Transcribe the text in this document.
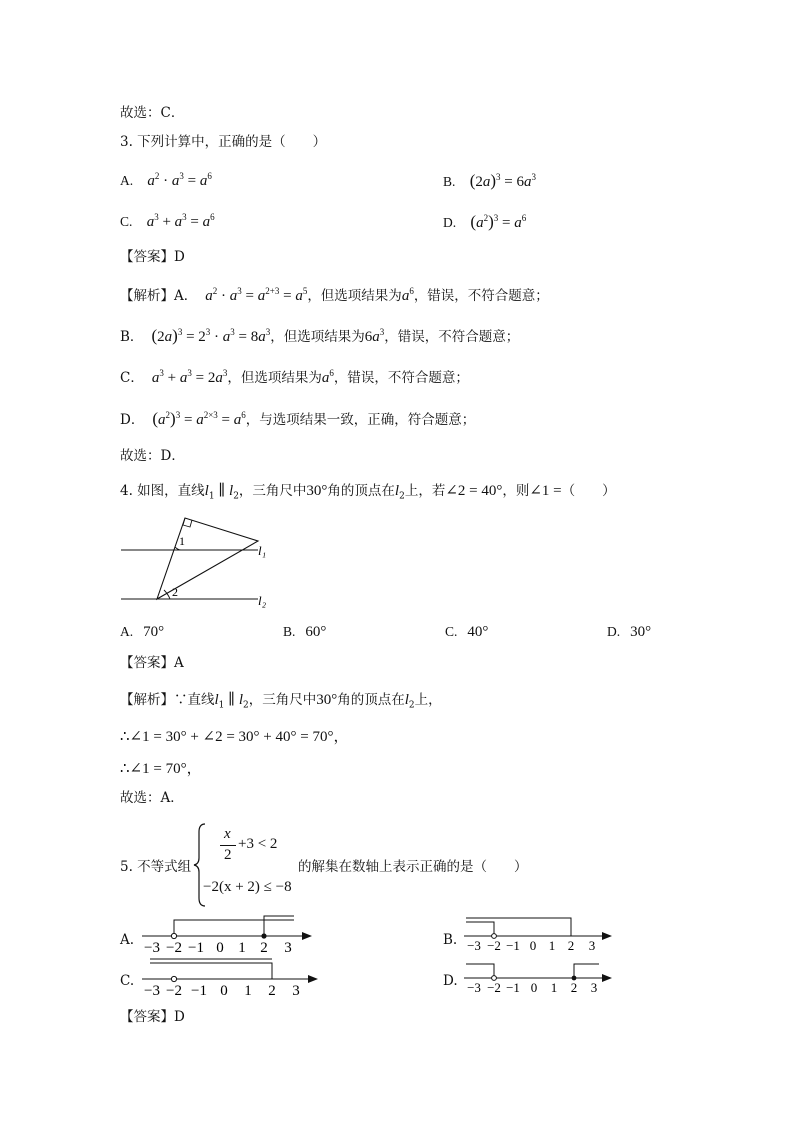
故选：C．
3. 下列计算中，正确的是（　　）
A. $a^2 \cdot a^3 = a^6$	B. $(2a)^3 = 6a^3$
C. $a^3 + a^3 = a^6$	D. $(a^2)^3 = a^6$
【答案】D
【解析】A． $a^2 \cdot a^3 = a^{2+3} = a^5$，但选项结果为$a^6$，错误，不符合题意；
B． $(2a)^3 = 2^3 \cdot a^3 = 8a^3$，但选项结果为$6a^3$，错误，不符合题意；
C． $a^3 + a^3 = 2a^3$，但选项结果为$a^6$，错误，不符合题意；
D． $(a^2)^3 = a^{2\times 3} = a^6$，与选项结果一致，正确，符合题意；
故选：D．
4. 如图，直线$l_1$ ∥ $l_2$，三角尺中30°角的顶点在$l_2$上，若∠2 = 40°，则∠1 =（　　）
1
2
l₁
l₂
A. 70°	B. 60°	C. 40°	D. 30°
【答案】A
【解析】∵直线$l_1$ ∥ $l_2$，三角尺中30°角的顶点在$l_2$上，
∴∠1 = 30° + ∠2 = 30° + 40° = 70°，
∴∠1 = 70°，
故选：A．
5. 不等式组
x
2
+3 < 2
−2(x + 2) ≤ −8
的解集在数轴上表示正确的是（　　）
A.	B.
C.	D.
−3 −2 −1 0 1 2 3	−3 −2 −1 0 1 2 3
−3 −2 −1 0 1 2 3	−3 −2 −1 0 1 2 3
【答案】D
